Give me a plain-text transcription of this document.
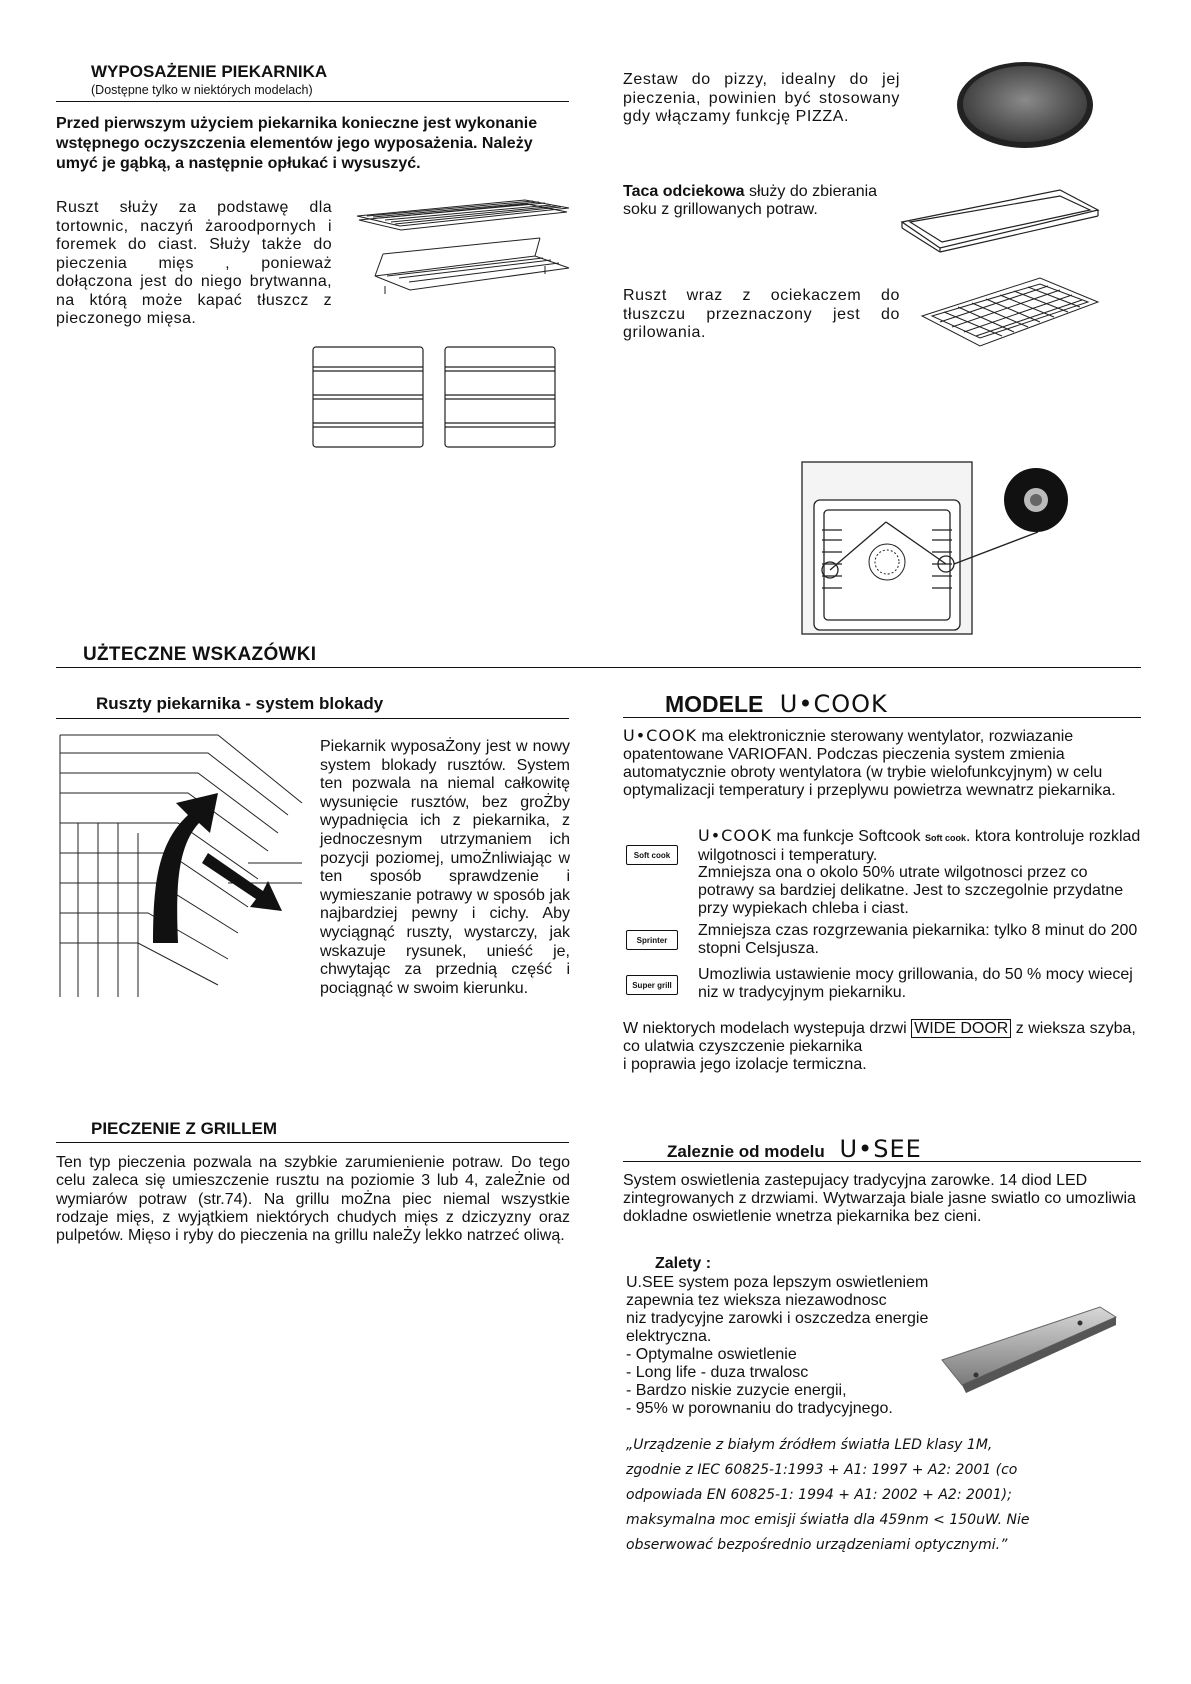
WYPOSAŻENIE PIEKARNIKA
(Dostępne tylko w niektórych modelach)
Przed pierwszym użyciem piekarnika konieczne jest wykonanie wstępnego oczyszczenia elementów jego wyposażenia. Należy umyć je gąbką, a następnie opłukać i wysuszyć.
Ruszt służy za podstawę dla tortownic, naczyń żaroodpornych i foremek do ciast. Służy także do pieczenia mięs , ponieważ dołączona jest do niego brytwanna, na którą może kapać tłuszcz z pieczonego mięsa.
Zestaw do pizzy, idealny do jej pieczenia, powinien być stosowany gdy włączamy funkcję PIZZA.
Taca odciekowa służy do zbierania soku z grillowanych potraw.
Ruszt wraz z ociekaczem do tłuszczu przeznaczony jest do grilowania.
UŻTECZNE WSKAZÓWKI
Ruszty piekarnika - system blokady
Piekarnik wyposaŻony jest w nowy system blokady rusztów. System ten pozwala na niemal całkowitę wysunięcie rusztów, bez groŻby wypadnięcia ich z piekarnika, z jednoczesnym utrzymaniem ich pozycji poziomej, umoŻnliwiając w ten sposób sprawdzenie i wymieszanie potrawy w sposób jak najbardziej pewny i cichy. Aby wyciągnąć ruszty, wystarczy, jak wskazuje rysunek, unieść je, chwytając za przednią część i pociągnąć w swoim kierunku.
PIECZENIE Z GRILLEM
Ten typ pieczenia pozwala na szybkie zarumienienie potraw. Do tego celu zaleca się umieszczenie rusztu na poziomie 3 lub 4, zaleŻnie od wymiarów potraw (str.74). Na grillu moŻna piec niemal wszystkie rodzaje mięs, z wyjątkiem niektórych chudych mięs z dziczyzny oraz pulpetów. Mięso i ryby do pieczenia na grillu naleŻy lekko natrzeć oliwą.
MODELE U•COOK
U•COOK ma elektronicznie sterowany wentylator, rozwiazanie opatentowane VARIOFAN. Podczas pieczenia system zmienia automatycznie obroty wentylatora (w trybie wielofunkcyjnym) w celu optymalizacji temperatury i przeplywu powietrza wewnatrz piekarnika.
Soft cook
U•COOK ma funkcje Softcook Soft cook. ktora kontroluje rozklad wilgotnosci i temperatury.
Zmniejsza ona o okolo 50% utrate wilgotnosci przez co potrawy sa bardziej delikatne. Jest to szczegolnie przydatne przy wypiekach chleba i ciast.
Sprinter
Zmniejsza czas rozgrzewania piekarnika: tylko 8 minut do 200 stopni Celsjusza.
Super grill
Umozliwia ustawienie mocy grillowania, do 50 % mocy wiecej niz w tradycyjnym piekarniku.
W niektorych modelach wystepuja drzwi WIDE DOOR z wieksza szyba, co ulatwia czyszczenie piekarnika
i poprawia jego izolacje termiczna.
Zaleznie od modelu U•SEE
System oswietlenia zastepujacy tradycyjna zarowke. 14 diod LED zintegrowanych z drzwiami. Wytwarzaja biale jasne swiatlo co umozliwia dokladne oswietlenie wnetrza piekarnika bez cieni.
Zalety :
U.SEE system poza lepszym oswietleniem
zapewnia tez wieksza niezawodnosc
niz tradycyjne zarowki i oszczedza energie
elektryczna.
- Optymalne oswietlenie
- Long life - duza trwalosc
- Bardzo niskie zuzycie energii,
- 95% w porownaniu do tradycyjnego.
„Urządzenie z białym źródłem światła LED klasy 1M,
zgodnie z IEC 60825-1:1993 + A1: 1997 + A2: 2001 (co
odpowiada EN 60825-1: 1994 + A1: 2002 + A2: 2001);
maksymalna moc emisji światła dla 459nm < 150uW. Nie
obserwować bezpośrednio urządzeniami optycznymi.”
